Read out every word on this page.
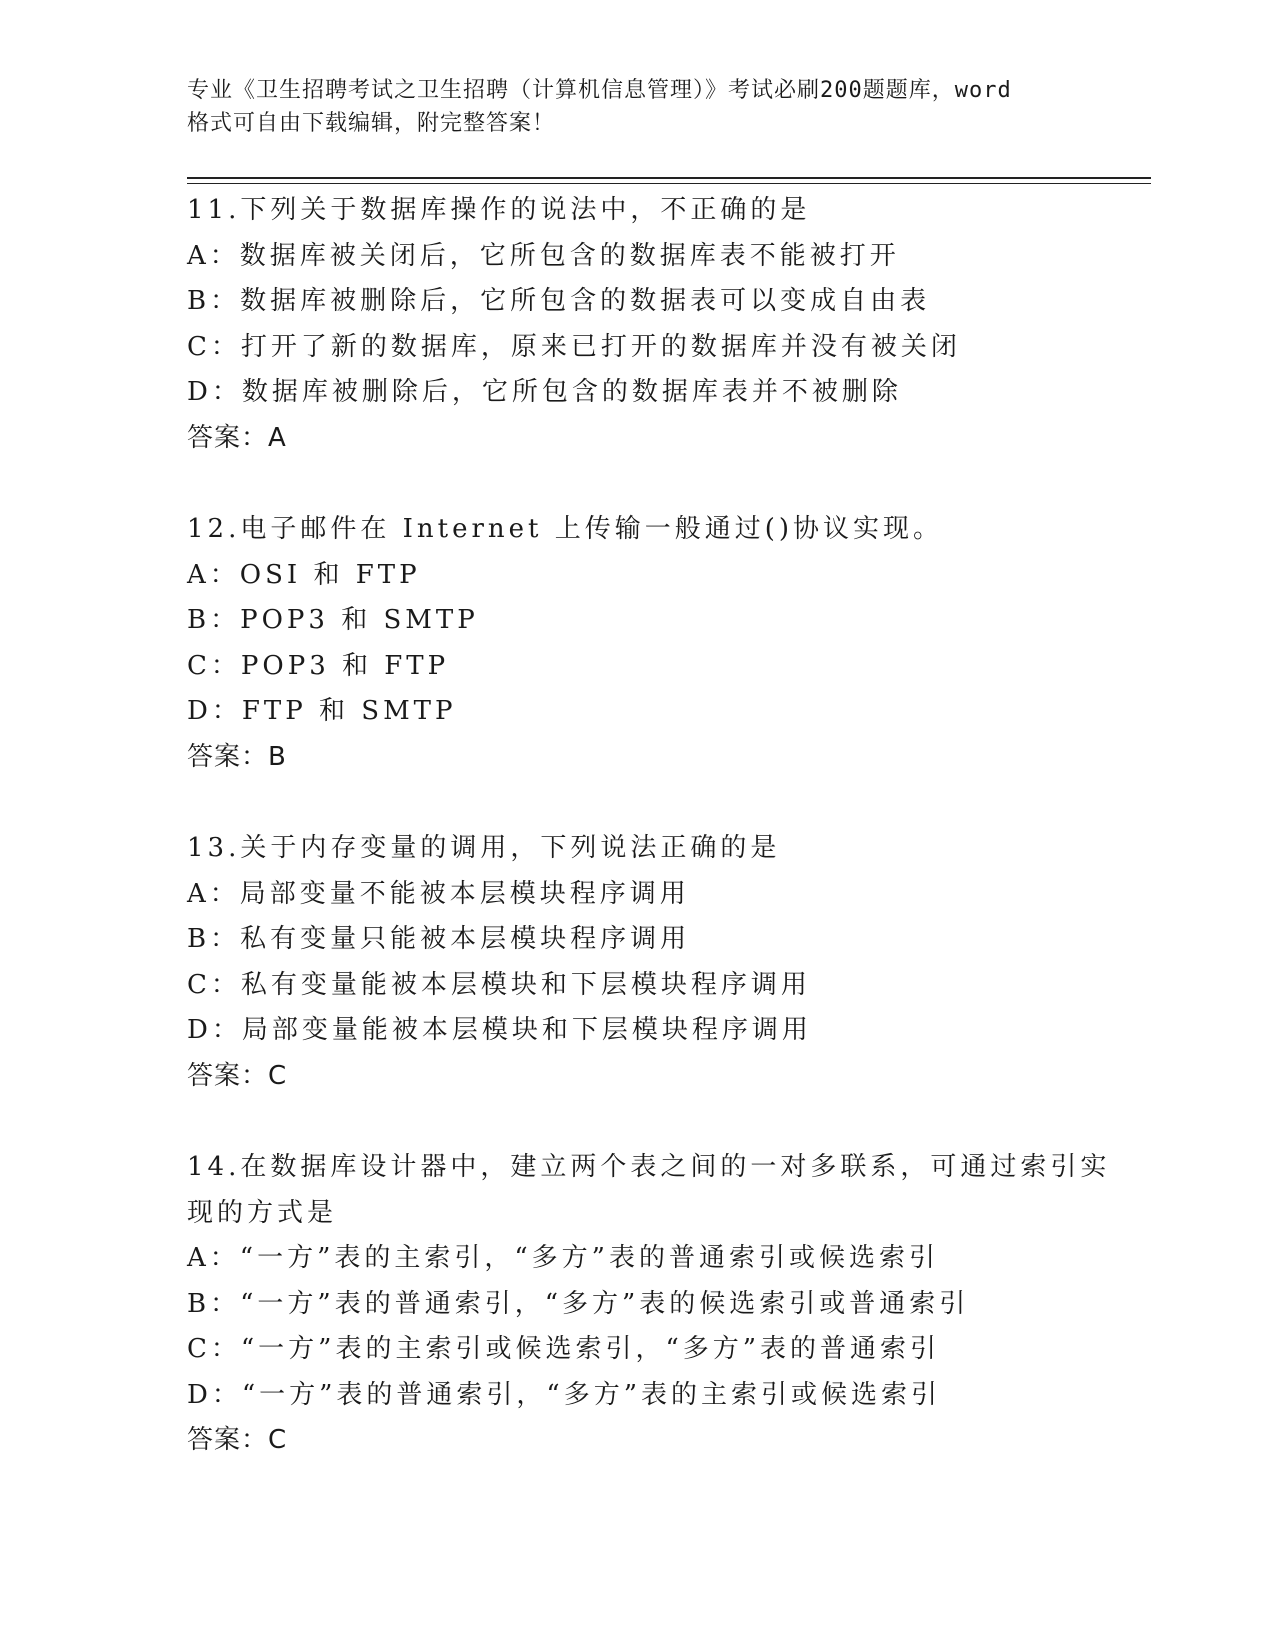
专业《卫生招聘考试之卫生招聘（计算机信息管理）》考试必刷200题题库，word
格式可自由下载编辑，附完整答案！
11.下列关于数据库操作的说法中，不正确的是
A：数据库被关闭后，它所包含的数据库表不能被打开
B：数据库被删除后，它所包含的数据表可以变成自由表
C：打开了新的数据库，原来已打开的数据库并没有被关闭
D：数据库被删除后，它所包含的数据库表并不被删除
答案：A
12.电子邮件在 Internet 上传输一般通过()协议实现。
A：OSI 和 FTP
B：POP3 和 SMTP
C：POP3 和 FTP
D：FTP 和 SMTP
答案：B
13.关于内存变量的调用，下列说法正确的是
A：局部变量不能被本层模块程序调用
B：私有变量只能被本层模块程序调用
C：私有变量能被本层模块和下层模块程序调用
D：局部变量能被本层模块和下层模块程序调用
答案：C
14.在数据库设计器中，建立两个表之间的一对多联系，可通过索引实
现的方式是
A：“一方”表的主索引，“多方”表的普通索引或候选索引
B：“一方”表的普通索引，“多方”表的候选索引或普通索引
C：“一方”表的主索引或候选索引，“多方”表的普通索引
D：“一方”表的普通索引，“多方”表的主索引或候选索引
答案：C
